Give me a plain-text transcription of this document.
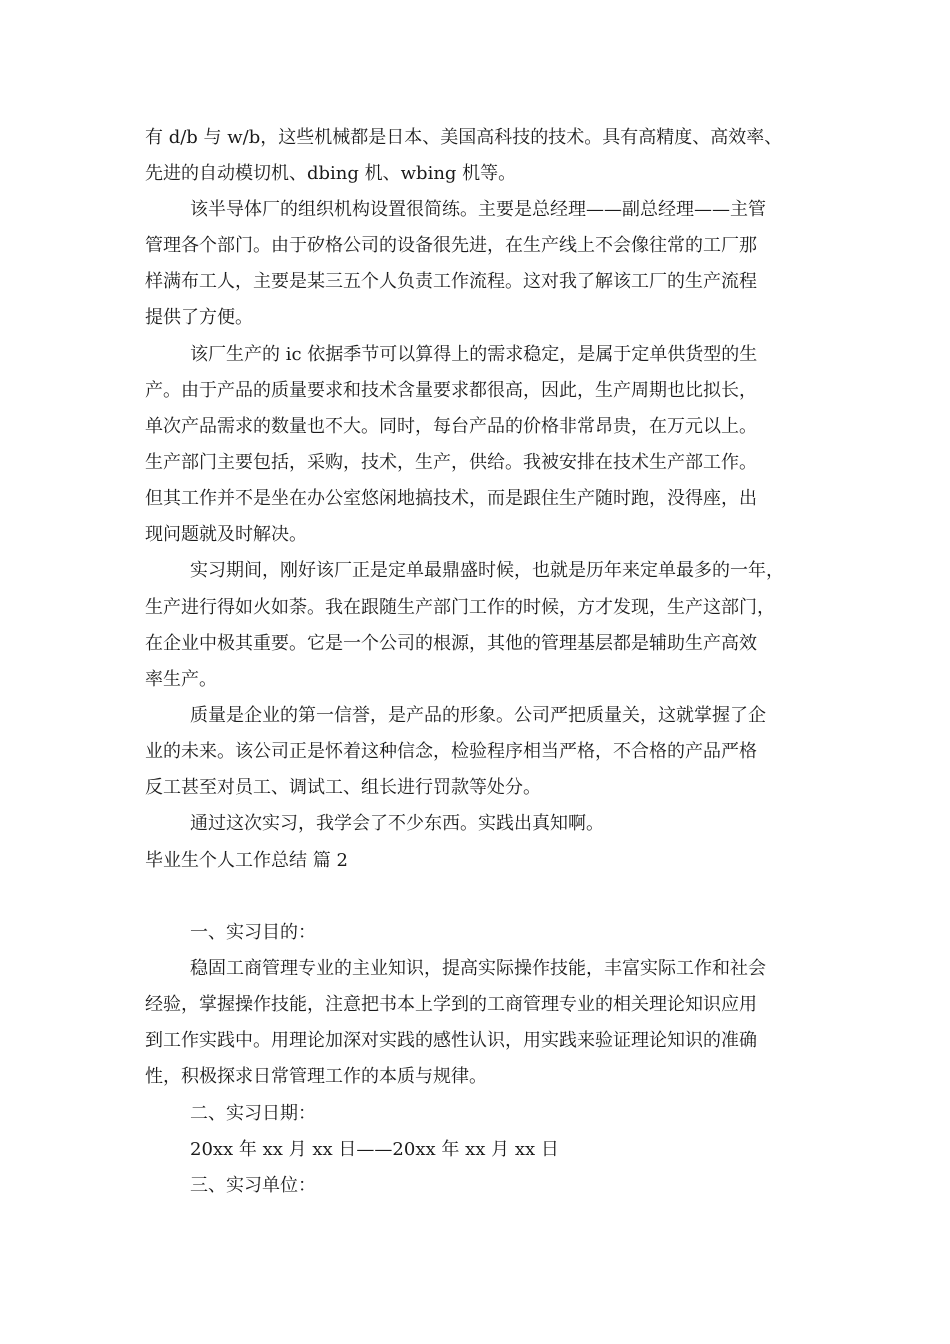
有 d/b 与 w/b，这些机械都是日本、美国高科技的技术。具有高精度、高效率、
先进的自动模切机、dbing 机、wbing 机等。
该半导体厂的组织机构设置很简练。主要是总经理——副总经理——主管
管理各个部门。由于矽格公司的设备很先进，在生产线上不会像往常的工厂那
样满布工人，主要是某三五个人负责工作流程。这对我了解该工厂的生产流程
提供了方便。
该厂生产的 ic 依据季节可以算得上的需求稳定，是属于定单供货型的生
产。由于产品的质量要求和技术含量要求都很高，因此，生产周期也比拟长，
单次产品需求的数量也不大。同时，每台产品的价格非常昂贵，在万元以上。
生产部门主要包括，采购，技术，生产，供给。我被安排在技术生产部工作。
但其工作并不是坐在办公室悠闲地搞技术，而是跟住生产随时跑，没得座，出
现问题就及时解决。
实习期间，刚好该厂正是定单最鼎盛时候，也就是历年来定单最多的一年，
生产进行得如火如荼。我在跟随生产部门工作的时候，方才发现，生产这部门，
在企业中极其重要。它是一个公司的根源，其他的管理基层都是辅助生产高效
率生产。
质量是企业的第一信誉，是产品的形象。公司严把质量关，这就掌握了企
业的未来。该公司正是怀着这种信念，检验程序相当严格，不合格的产品严格
反工甚至对员工、调试工、组长进行罚款等处分。
通过这次实习，我学会了不少东西。实践出真知啊。
毕业生个人工作总结 篇 2
一、实习目的：
稳固工商管理专业的主业知识，提高实际操作技能，丰富实际工作和社会
经验，掌握操作技能，注意把书本上学到的工商管理专业的相关理论知识应用
到工作实践中。用理论加深对实践的感性认识，用实践来验证理论知识的准确
性，积极探求日常管理工作的本质与规律。
二、实习日期：
20xx 年 xx 月 xx 日——20xx 年 xx 月 xx 日
三、实习单位：
